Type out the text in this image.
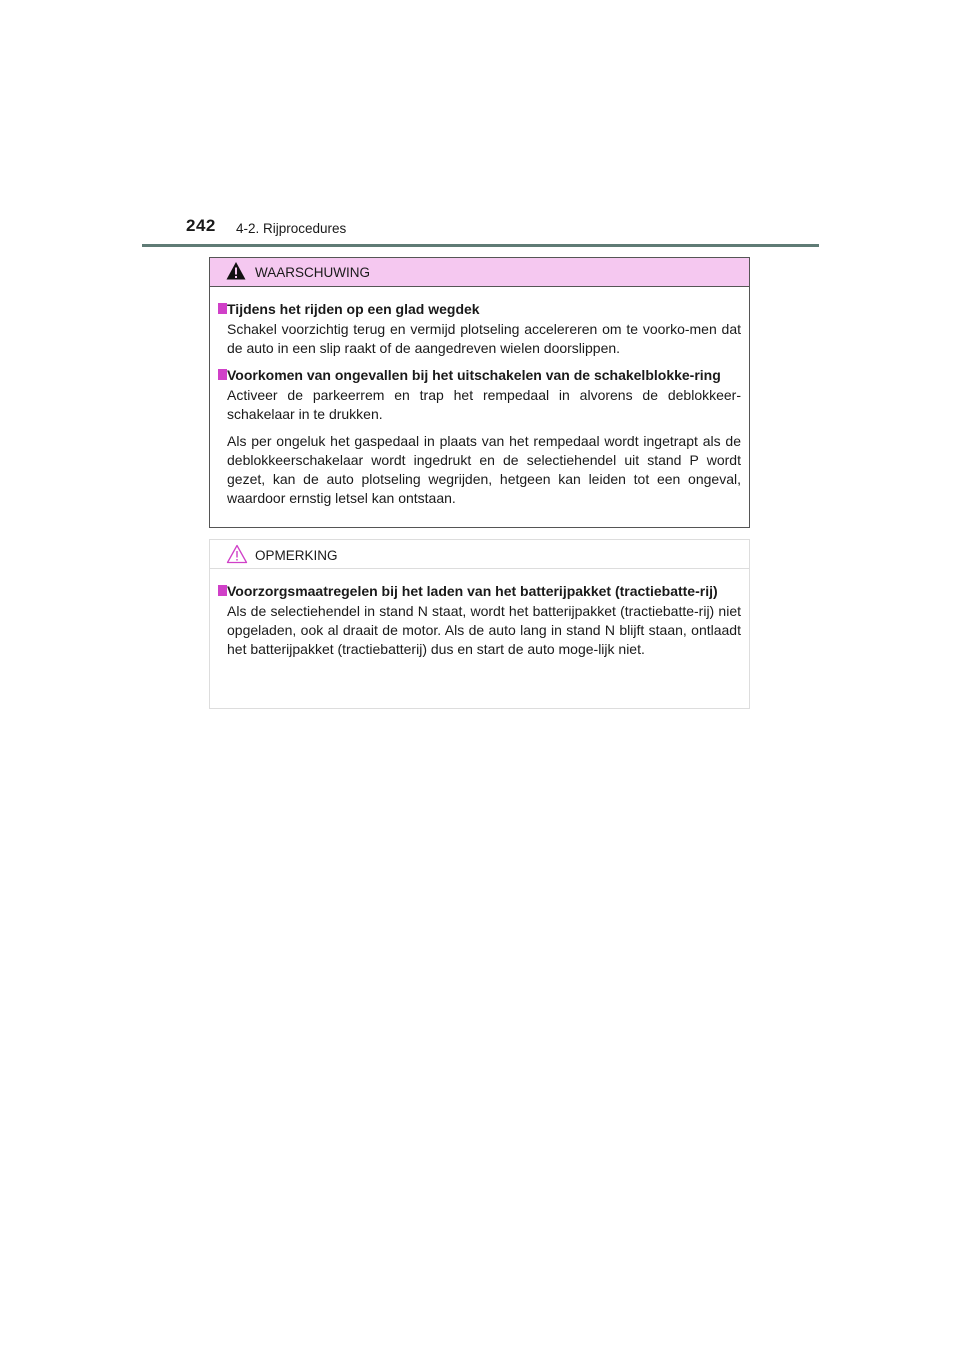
242 4-2. Rijprocedures
WAARSCHUWING
Tijdens het rijden op een glad wegdek

Schakel voorzichtig terug en vermijd plotseling accelereren om te voorko-men dat de auto in een slip raakt of de aangedreven wielen doorslippen.

Voorkomen van ongevallen bij het uitschakelen van de schakelblokke-ring

Activeer de parkeerrem en trap het rempedaal in alvorens de deblokkeer-schakelaar in te drukken.

Als per ongeluk het gaspedaal in plaats van het rempedaal wordt ingetrapt als de deblokkeerschakelaar wordt ingedrukt en de selectiehendel uit stand P wordt gezet, kan de auto plotseling wegrijden, hetgeen kan leiden tot een ongeval, waardoor ernstig letsel kan ontstaan.

OPMERKING
Voorzorgsmaatregelen bij het laden van het batterijpakket (tractiebatte-rij)

Als de selectiehendel in stand N staat, wordt het batterijpakket (tractiebatte-rij) niet opgeladen, ook al draait de motor. Als de auto lang in stand N blijft staan, ontlaadt het batterijpakket (tractiebatterij) dus en start de auto moge-lijk niet.
